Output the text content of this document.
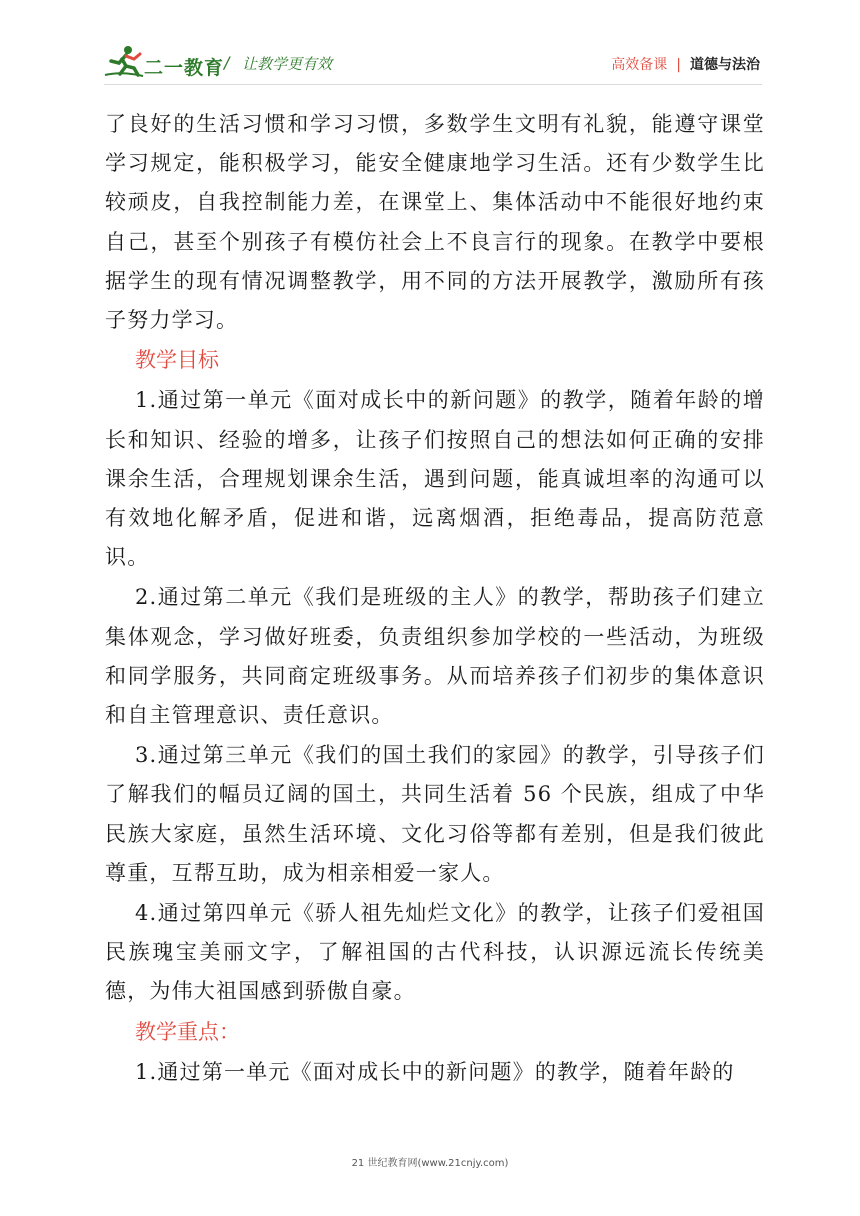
二一教育 / 让教学更有效	高效备课 | 道德与法治

了良好的生活习惯和学习习惯，多数学生文明有礼貌，能遵守课堂学习规定，能积极学习，能安全健康地学习生活。还有少数学生比较顽皮，自我控制能力差，在课堂上、集体活动中不能很好地约束自己，甚至个别孩子有模仿社会上不良言行的现象。在教学中要根据学生的现有情况调整教学，用不同的方法开展教学，激励所有孩子努力学习。

教学目标

1.通过第一单元《面对成长中的新问题》的教学，随着年龄的增长和知识、经验的增多，让孩子们按照自己的想法如何正确的安排课余生活，合理规划课余生活，遇到问题，能真诚坦率的沟通可以有效地化解矛盾，促进和谐，远离烟酒，拒绝毒品，提高防范意识。

2.通过第二单元《我们是班级的主人》的教学，帮助孩子们建立集体观念，学习做好班委，负责组织参加学校的一些活动，为班级和同学服务，共同商定班级事务。从而培养孩子们初步的集体意识和自主管理意识、责任意识。

3.通过第三单元《我们的国土我们的家园》的教学，引导孩子们了解我们的幅员辽阔的国土，共同生活着 56 个民族，组成了中华民族大家庭，虽然生活环境、文化习俗等都有差别，但是我们彼此尊重，互帮互助，成为相亲相爱一家人。

4.通过第四单元《骄人祖先灿烂文化》的教学，让孩子们爱祖国民族瑰宝美丽文字，了解祖国的古代科技，认识源远流长传统美德，为伟大祖国感到骄傲自豪。

教学重点：

1.通过第一单元《面对成长中的新问题》的教学，随着年龄的

21 世纪教育网(www.21cnjy.com)
